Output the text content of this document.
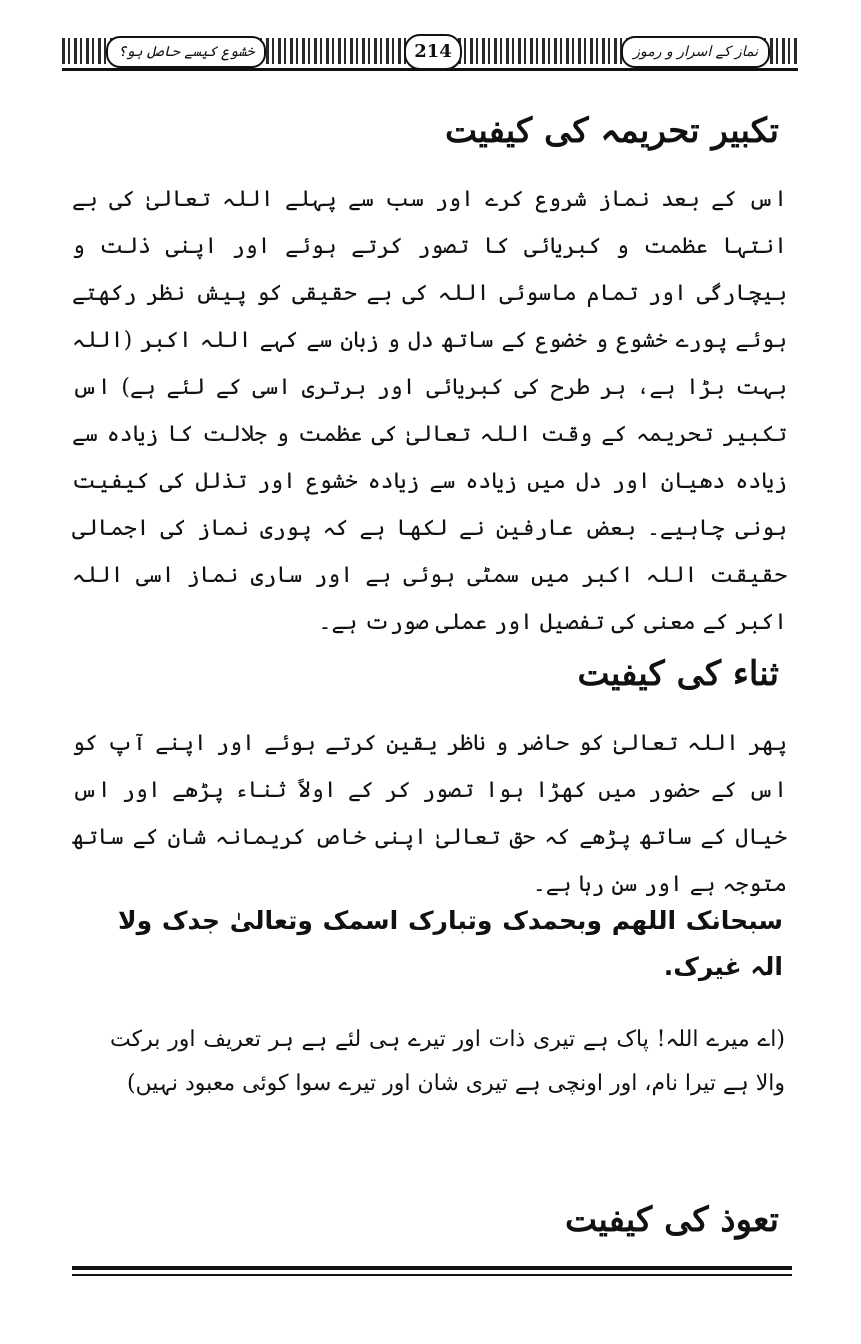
نماز کے اسرار و رموز
214
خشوع کیسے حاصل ہو؟
تکبیر تحریمہ کی کیفیت
اس کے بعد نماز شروع کرے اور سب سے پہلے اللہ تعالیٰ کی بے انتہا عظمت و کبریائی کا تصور کرتے ہوئے اور اپنی ذلت و بیچارگی اور تمام ماسوئی اللہ کی بے حقیقی کو پیش نظر رکھتے ہوئے پورے خشوع و خضوع کے ساتھ دل و زبان سے کہے اللہ اکبر (اللہ بہت بڑا ہے، ہر طرح کی کبریائی اور برتری اسی کے لئے ہے) اس تکبیر تحریمہ کے وقت اللہ تعالیٰ کی عظمت و جلالت کا زیادہ سے زیادہ دھیان اور دل میں زیادہ سے زیادہ خشوع اور تذلل کی کیفیت ہونی چاہیے۔ بعض عارفین نے لکھا ہے کہ پوری نماز کی اجمالی حقیقت اللہ اکبر میں سمٹی ہوئی ہے اور ساری نماز اسی اللہ اکبر کے معنی کی تفصیل اور عملی صورت ہے۔
ثناء کی کیفیت
پھر اللہ تعالیٰ کو حاضر و ناظر یقین کرتے ہوئے اور اپنے آپ کو اس کے حضور میں کھڑا ہوا تصور کر کے اولاً ثناء پڑھے اور اس خیال کے ساتھ پڑھے کہ حق تعالیٰ اپنی خاص کریمانہ شان کے ساتھ متوجہ ہے اور سن رہا ہے۔
سبحانک اللھم وبحمدک وتبارک اسمک وتعالیٰ جدک ولا الہ غیرک.
(اے میرے اللہ! پاک ہے تیری ذات اور تیرے ہی لئے ہے ہر تعریف اور برکت والا ہے تیرا نام، اور اونچی ہے تیری شان اور تیرے سوا کوئی معبود نہیں)
تعوذ کی کیفیت
